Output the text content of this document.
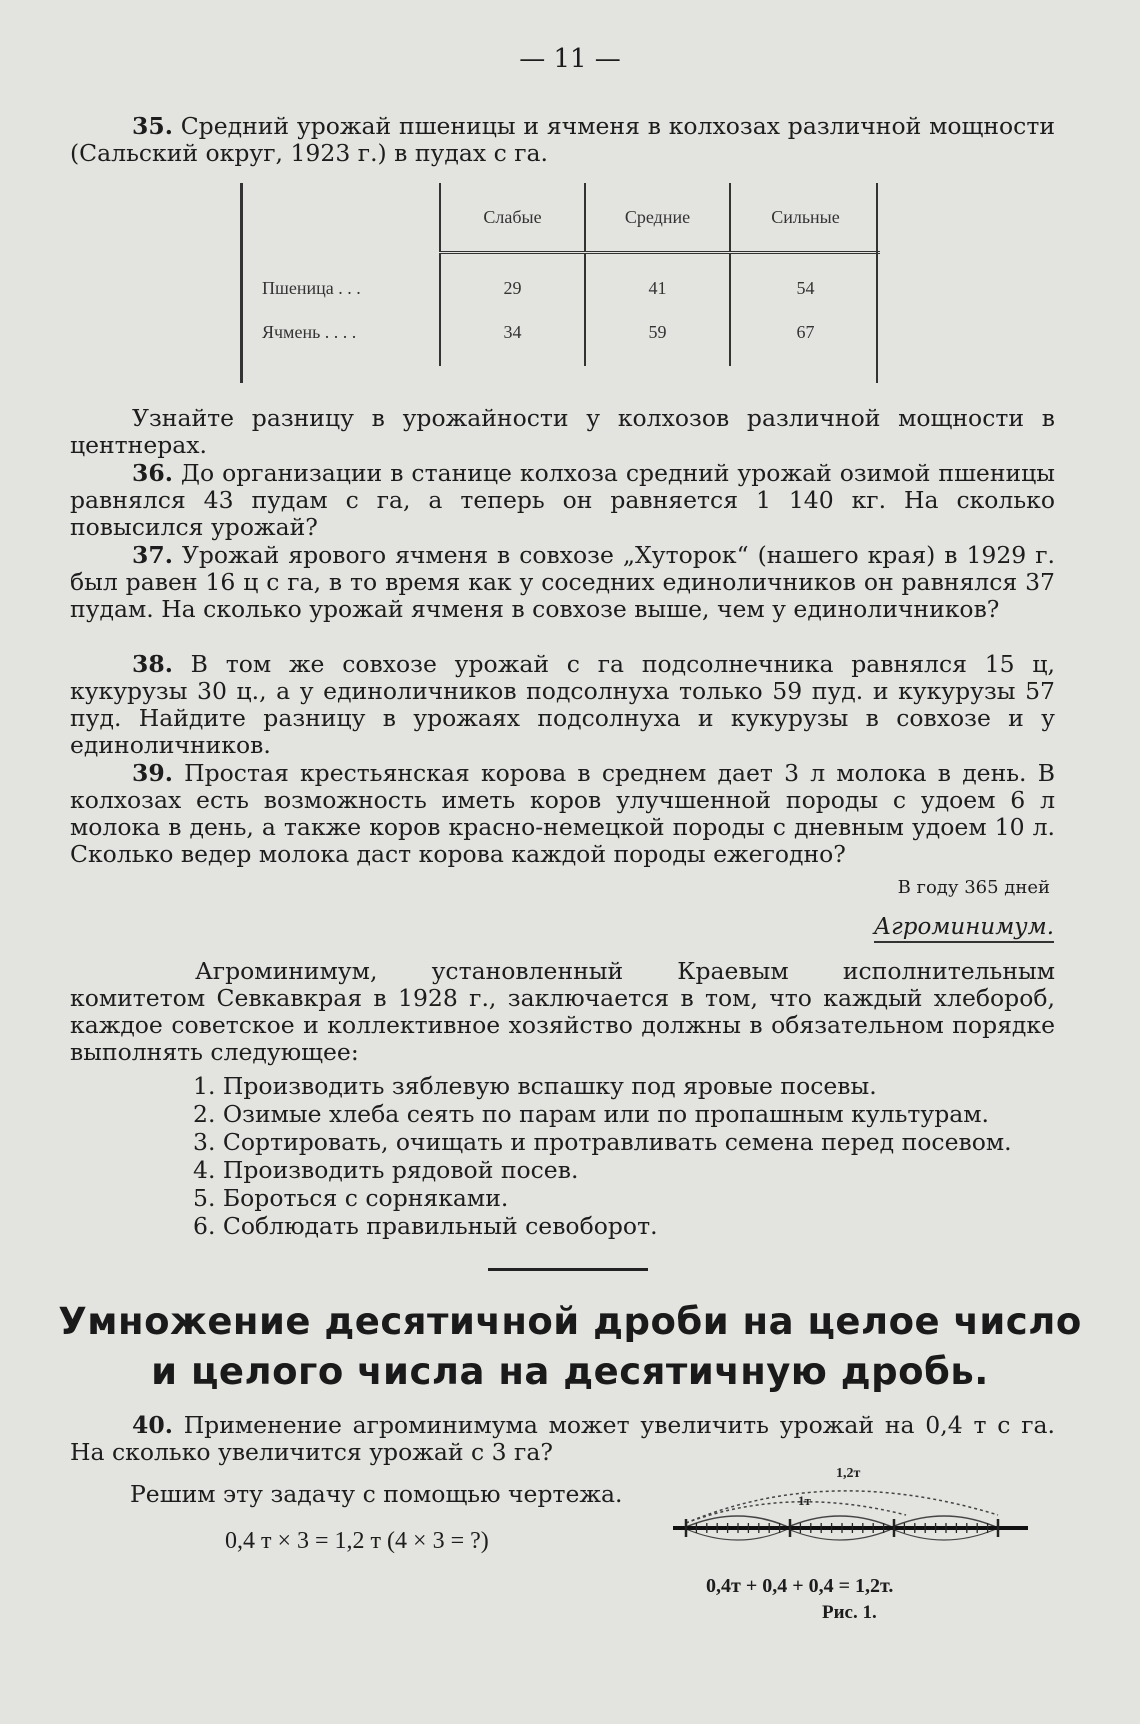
— 11 —
35. Средний урожай пшеницы и ячменя в колхозах различной мощности (Сальский округ, 1923 г.) в пудах с га.
	Слабые	Средние	Сильные

Пшеница . . .	29	41	54
Ячмень . . . .	34	59	67

Узнайте разницу в урожайности у колхозов различной мощности в центнерах.
36. До организации в станице колхоза средний урожай озимой пшеницы равнялся 43 пудам с га, а теперь он равняется 1 140 кг. На сколько повысился урожай?
37. Урожай ярового ячменя в совхозе „Хуторок“ (нашего края) в 1929 г. был равен 16 ц с га, в то время как у соседних единоличников он равнялся 37 пудам. На сколько урожай ячменя в совхозе выше, чем у единоличников?
38. В том же совхозе урожай с га подсолнечника равнялся 15 ц, кукурузы 30 ц., а у единоличников подсолнуха только 59 пуд. и кукурузы 57 пуд. Найдите разницу в урожаях подсолнуха и кукурузы в совхозе и у единоличников.
39. Простая крестьянская корова в среднем дает 3 л молока в день. В колхозах есть возможность иметь коров улучшенной породы с удоем 6 л молока в день, а также коров красно-немецкой породы с дневным удоем 10 л. Сколько ведер молока даст корова каждой породы ежегодно?
В году 365 дней
Агроминимум.
Агроминимум, установленный Краевым исполнительным комитетом Севкавкрая в 1928 г., заключается в том, что каждый хлебороб, каждое советское и коллективное хозяйство должны в обязательном порядке выполнять следующее:
1. Производить зяблевую вспашку под яровые посевы.
2. Озимые хлеба сеять по парам или по пропашным культурам.
3. Сортировать, очищать и протравливать семена перед посевом.
4. Производить рядовой посев.
5. Бороться с сорняками.
6. Соблюдать правильный севоборот.
Умножение десятичной дроби на целое число
и целого числа на десятичную дробь.
40. Применение агроминимума может увеличить урожай на 0,4 т с га. На сколько увеличится урожай с 3 га?
Решим эту задачу с помощью чертежа.
0,4 т × 3 = 1,2 т (4 × 3 = ?)
1,2т
1т
0,4т + 0,4 + 0,4 = 1,2т.
Рис. 1.
